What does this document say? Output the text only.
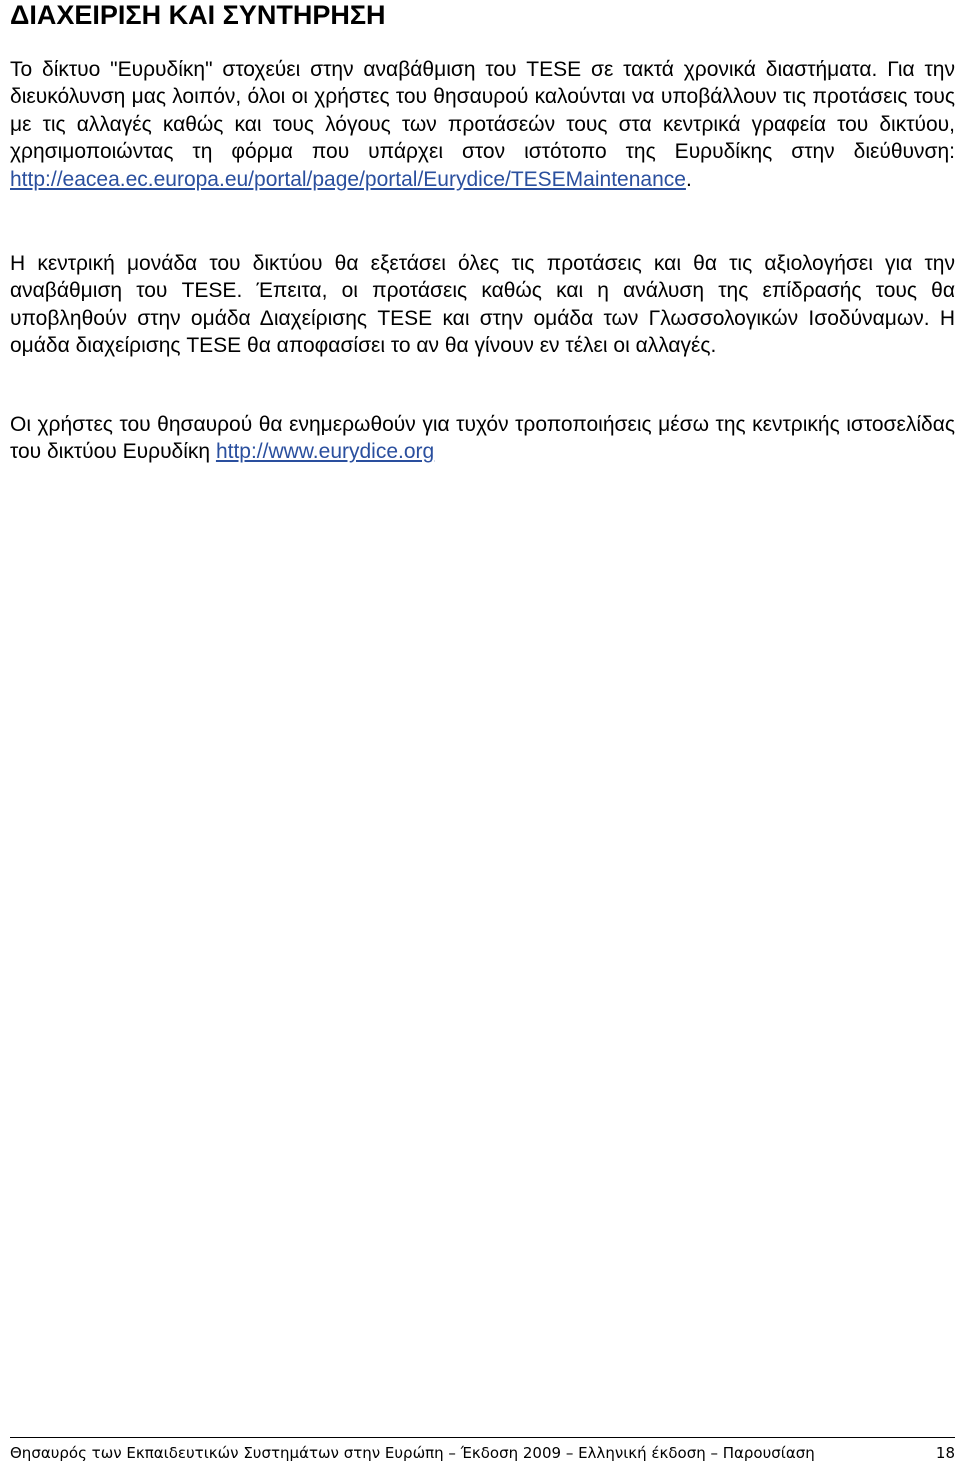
ΔΙΑΧΕΙΡΙΣΗ ΚΑΙ ΣΥΝΤΗΡΗΣΗ

Το δίκτυο "Ευρυδίκη" στοχεύει στην αναβάθμιση του TESE σε τακτά χρονικά διαστήματα. Για την διευκόλυνση μας λοιπόν, όλοι οι χρήστες του θησαυρού καλούνται να υποβάλλουν τις προτάσεις τους με τις αλλαγές καθώς και τους λόγους των προτάσεών τους στα κεντρικά γραφεία του δικτύου, χρησιμοποιώντας τη φόρμα που υπάρχει στον ιστότοπο της Ευρυδίκης στην διεύθυνση: http://eacea.ec.europa.eu/portal/page/portal/Eurydice/TESEMaintenance.

Η κεντρική μονάδα του δικτύου θα εξετάσει όλες τις προτάσεις και θα τις αξιολογήσει για την αναβάθμιση του TESE. Έπειτα, οι προτάσεις καθώς και η ανάλυση της επίδρασής τους θα υποβληθούν στην ομάδα Διαχείρισης TESE και στην ομάδα των Γλωσσολογικών Ισοδύναμων. Η ομάδα διαχείρισης TESE θα αποφασίσει το αν θα γίνουν εν τέλει οι αλλαγές.

Οι χρήστες του θησαυρού θα ενημερωθούν για τυχόν τροποποιήσεις μέσω της κεντρικής ιστοσελίδας του δικτύου Ευρυδίκη http://www.eurydice.org

Θησαυρός των Εκπαιδευτικών Συστημάτων στην Ευρώπη – Έκδοση 2009 – Ελληνική έκδοση – Παρουσίαση	18
